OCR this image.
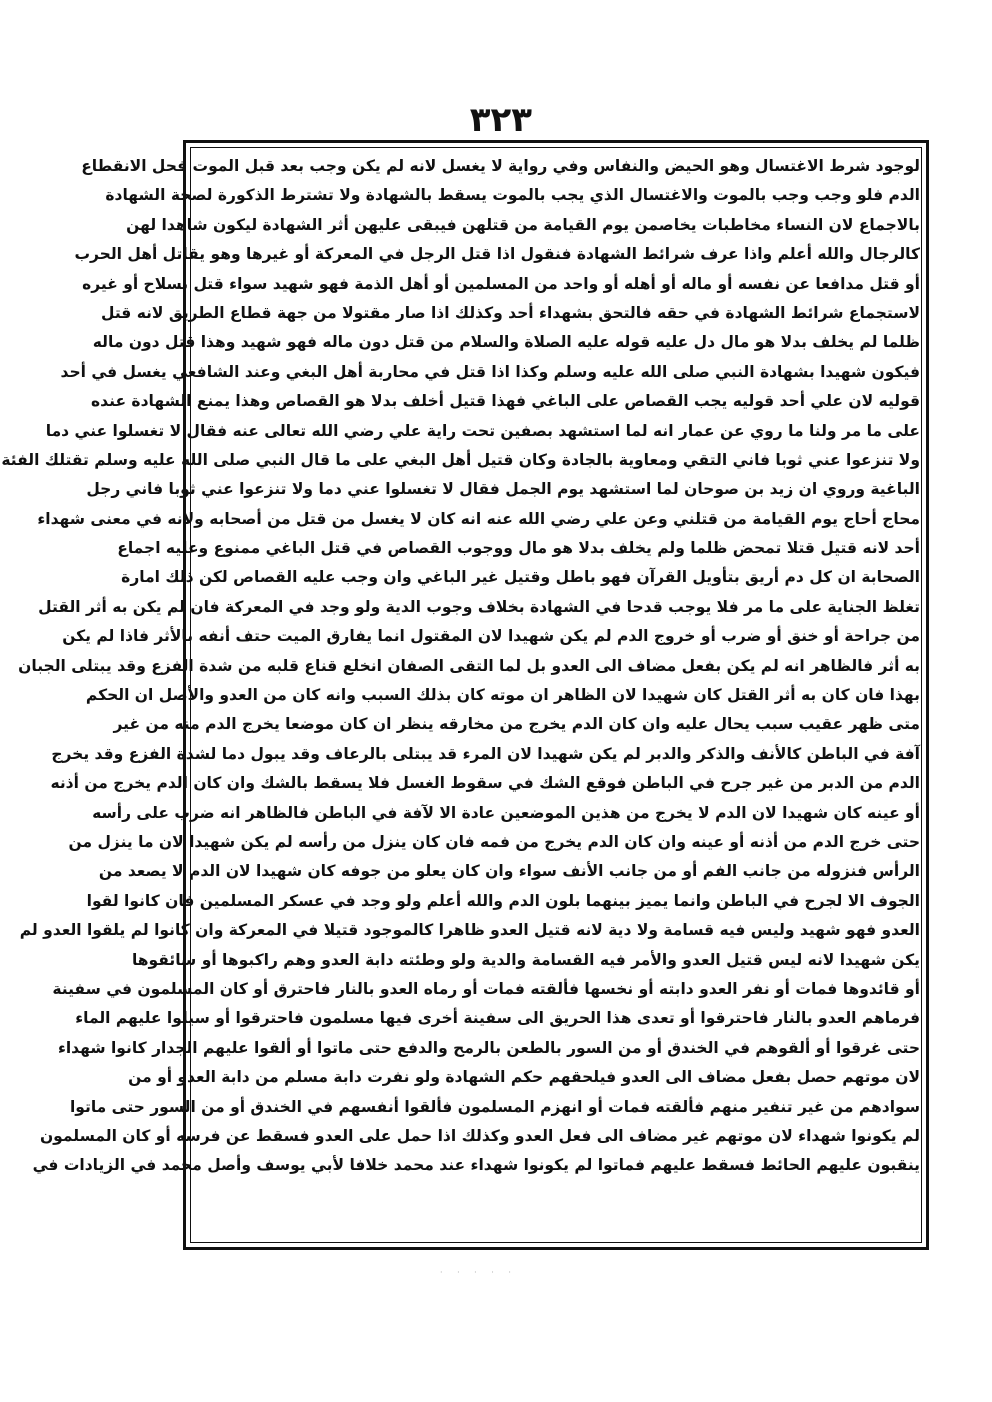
٣٢٣
لوجود شرط الاغتسال وهو الحيض والنفاس وفي رواية لا يغسل لانه لم يكن وجب بعد قبل الموت فحل الانقطاع
الدم فلو وجب وجب بالموت والاغتسال الذي يجب بالموت يسقط بالشهادة ولا تشترط الذكورة لصحة الشهادة
بالاجماع لان النساء مخاطبات يخاصمن يوم القيامة من قتلهن فيبقى عليهن أثر الشهادة ليكون شاهدا لهن
كالرجال والله أعلم واذا عرف شرائط الشهادة فنقول اذا قتل الرجل في المعركة أو غيرها وهو يقاتل أهل الحرب
أو قتل مدافعا عن نفسه أو ماله أو أهله أو واحد من المسلمين أو أهل الذمة فهو شهيد سواء قتل بسلاح أو غيره
لاستجماع شرائط الشهادة في حقه فالتحق بشهداء أحد وكذلك اذا صار مقتولا من جهة قطاع الطريق لانه قتل
ظلما لم يخلف بدلا هو مال دل عليه قوله عليه الصلاة والسلام من قتل دون ماله فهو شهيد وهذا قتل دون ماله
فيكون شهيدا بشهادة النبي صلى الله عليه وسلم وكذا اذا قتل في محاربة أهل البغي وعند الشافعي يغسل في أحد
قوليه لان علي أحد قوليه يجب القصاص على الباغي فهذا قتيل أخلف بدلا هو القصاص وهذا يمنع الشهادة عنده
على ما مر ولنا ما روي عن عمار انه لما استشهد بصفين تحت راية علي رضي الله تعالى عنه فقال لا تغسلوا عني دما
ولا تنزعوا عني ثوبا فاني التقي ومعاوية بالجادة وكان قتيل أهل البغي على ما قال النبي صلى الله عليه وسلم تقتلك الفئة
الباغية وروي ان زيد بن صوحان لما استشهد يوم الجمل فقال لا تغسلوا عني دما ولا تنزعوا عني ثوبا فاني رجل
محاج أحاج يوم القيامة من قتلني وعن علي رضي الله عنه انه كان لا يغسل من قتل من أصحابه ولانه في معنى شهداء
أحد لانه قتيل قتلا تمحض ظلما ولم يخلف بدلا هو مال ووجوب القصاص في قتل الباغي ممنوع وعليه اجماع
الصحابة ان كل دم أريق بتأويل القرآن فهو باطل وقتيل غير الباغي وان وجب عليه القصاص لكن ذلك امارة
تغلظ الجناية على ما مر فلا يوجب قدحا في الشهادة بخلاف وجوب الدية ولو وجد في المعركة فان لم يكن به أثر القتل
من جراحة أو خنق أو ضرب أو خروج الدم لم يكن شهيدا لان المقتول انما يفارق الميت حتف أنفه بالأثر فاذا لم يكن
به أثر فالظاهر انه لم يكن بفعل مضاف الى العدو بل لما التقى الصفان انخلع قناع قلبه من شدة الفزع وقد يبتلى الجبان
بهذا فان كان به أثر القتل كان شهيدا لان الظاهر ان موته كان بذلك السبب وانه كان من العدو والأصل ان الحكم
متى ظهر عقيب سبب يحال عليه وان كان الدم يخرج من مخارقه ينظر ان كان موضعا يخرج الدم منه من غير
آفة في الباطن كالأنف والذكر والدبر لم يكن شهيدا لان المرء قد يبتلى بالرعاف وقد يبول دما لشدة الفزع وقد يخرج
الدم من الدبر من غير جرح في الباطن فوقع الشك في سقوط الغسل فلا يسقط بالشك وان كان الدم يخرج من أذنه
أو عينه كان شهيدا لان الدم لا يخرج من هذين الموضعين عادة الا لآفة في الباطن فالظاهر انه ضرب على رأسه
حتى خرج الدم من أذنه أو عينه وان كان الدم يخرج من فمه فان كان ينزل من رأسه لم يكن شهيدا لان ما ينزل من
الرأس فنزوله من جانب الفم أو من جانب الأنف سواء وان كان يعلو من جوفه كان شهيدا لان الدم لا يصعد من
الجوف الا لجرح في الباطن وانما يميز بينهما بلون الدم والله أعلم ولو وجد في عسكر المسلمين فان كانوا لقوا
العدو فهو شهيد وليس فيه قسامة ولا دية لانه قتيل العدو ظاهرا كالموجود قتيلا في المعركة وان كانوا لم يلقوا العدو لم
يكن شهيدا لانه ليس قتيل العدو والأمر فيه القسامة والدية ولو وطئته دابة العدو وهم راكبوها أو سائقوها
أو قائدوها فمات أو نفر العدو دابته أو نخسها فألقته فمات أو رماه العدو بالنار فاحترق أو كان المسلمون في سفينة
فرماهم العدو بالنار فاحترقوا أو تعدى هذا الحريق الى سفينة أخرى فيها مسلمون فاحترقوا أو سيلوا عليهم الماء
حتى غرقوا أو ألقوهم في الخندق أو من السور بالطعن بالرمح والدفع حتى ماتوا أو ألقوا عليهم الجدار كانوا شهداء
لان موتهم حصل بفعل مضاف الى العدو فيلحقهم حكم الشهادة ولو نفرت دابة مسلم من دابة العدو أو من
سوادهم من غير تنفير منهم فألقته فمات أو انهزم المسلمون فألقوا أنفسهم في الخندق أو من السور حتى ماتوا
لم يكونوا شهداء لان موتهم غير مضاف الى فعل العدو وكذلك اذا حمل على العدو فسقط عن فرسه أو كان المسلمون
ينقبون عليهم الحائط فسقط عليهم فماتوا لم يكونوا شهداء عند محمد خلافا لأبي يوسف وأصل محمد في الزيادات في
· · · · ·
